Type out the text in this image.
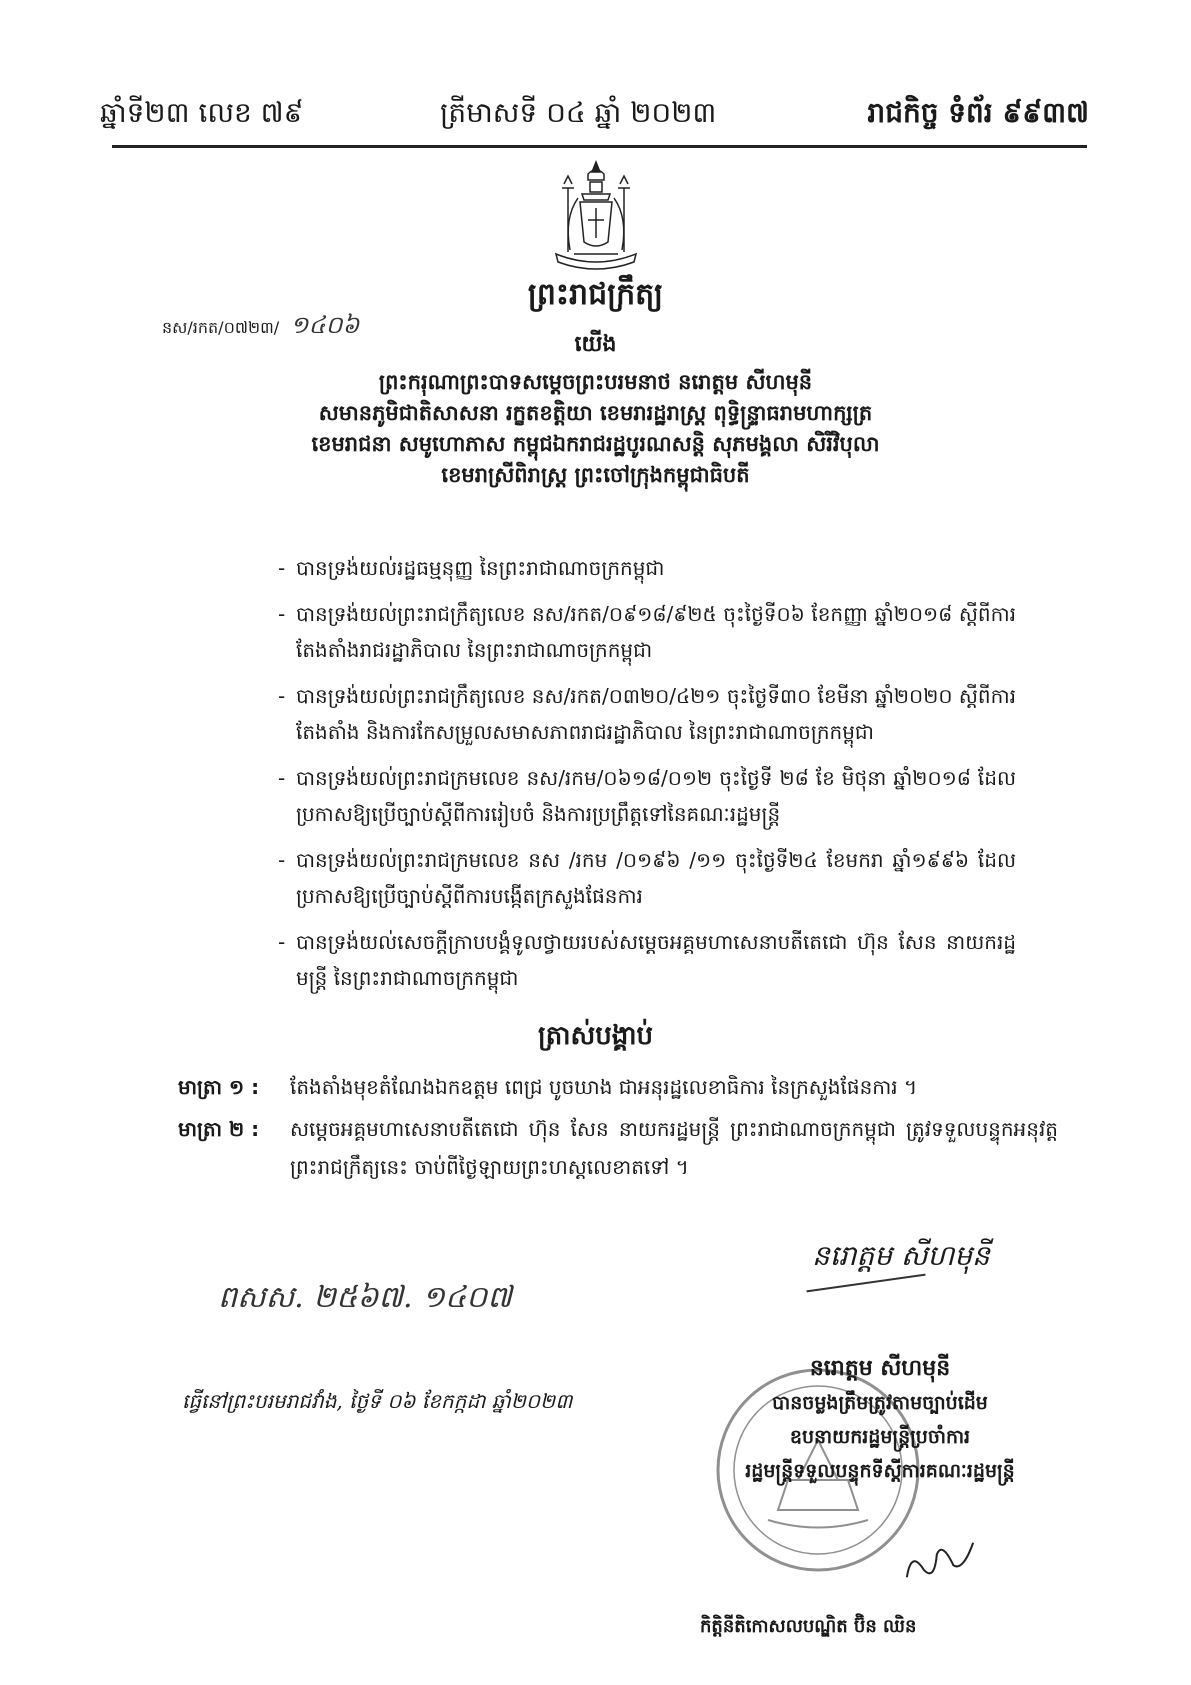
ឆ្នាំទី២៣ លេខ ៧៩	ត្រីមាសទី ០៤ ឆ្នាំ ២០២៣	រាជកិច្ច ទំព័រ ៩៩៣៧
នស/រកត/០៧២៣/ ១៤០៦
ព្រះរាជក្រឹត្យ
យើង
ព្រះករុណាព្រះបាទសម្តេចព្រះបរមនាថ នរោត្តម សីហមុនី
សមានភូមិជាតិសាសនា រក្ខតខត្តិយា ខេមរារដ្ឋរាស្ត្រ ពុទ្ធិន្ទ្រាធរាមហាក្សត្រ
ខេមរាជនា សមូហោភាស កម្ពុជឯករាជរដ្ឋបូរណសន្តិ សុភមង្គលា សិរីវិបុលា
ខេមរាស្រីពិរាស្ត្រ ព្រះចៅក្រុងកម្ពុជាធិបតី
- បានទ្រង់យល់រដ្ឋធម្មនុញ្ញ នៃព្រះរាជាណាចក្រកម្ពុជា
- បានទ្រង់យល់ព្រះរាជក្រឹត្យលេខ នស/រកត/០៩១៨/៩២៥ ចុះថ្ងៃទី០៦ ខែកញ្ញា ឆ្នាំ២០១៨ ស្តីពីការតែងតាំងរាជរដ្ឋាភិបាល នៃព្រះរាជាណាចក្រកម្ពុជា
- បានទ្រង់យល់ព្រះរាជក្រឹត្យលេខ នស/រកត/០៣២០/៤២១ ចុះថ្ងៃទី៣០ ខែមីនា ឆ្នាំ២០២០ ស្តីពីការតែងតាំង និងការកែសម្រួលសមាសភាពរាជរដ្ឋាភិបាល នៃព្រះរាជាណាចក្រកម្ពុជា
- បានទ្រង់យល់ព្រះរាជក្រមលេខ នស/រកម/០៦១៨/០១២ ចុះថ្ងៃទី ២៨ ខែ មិថុនា ឆ្នាំ២០១៨ ដែលប្រកាសឱ្យប្រើច្បាប់ស្តីពីការរៀបចំ និងការប្រព្រឹត្តទៅនៃគណៈរដ្ឋមន្ត្រី
- បានទ្រង់យល់ព្រះរាជក្រមលេខ នស /រកម /០១៩៦ /១១ ចុះថ្ងៃទី២៤ ខែមករា ឆ្នាំ១៩៩៦ ដែលប្រកាសឱ្យប្រើច្បាប់ស្តីពីការបង្កើតក្រសួងផែនការ
- បានទ្រង់យល់សេចក្តីក្រាបបង្គំទូលថ្វាយរបស់សម្តេចអគ្គមហាសេនាបតីតេជោ ហ៊ុន សែន នាយករដ្ឋមន្ត្រី នៃព្រះរាជាណាចក្រកម្ពុជា
ត្រាស់បង្គាប់
មាត្រា ១ : តែងតាំងមុខតំណែងឯកឧត្តម ពេជ្រ បូចឃាង ជាអនុរដ្ឋលេខាធិការ នៃក្រសួងផែនការ ។
មាត្រា ២ : សម្តេចអគ្គមហាសេនាបតីតេជោ ហ៊ុន សែន នាយករដ្ឋមន្ត្រី ព្រះរាជាណាចក្រកម្ពុជា ត្រូវទទួលបន្ទុកអនុវត្តព្រះរាជក្រឹត្យនេះ ចាប់ពីថ្ងៃឡាយព្រះហស្តលេខាតទៅ ។
ពសស. ២៥៦៧. ១៤០៧
ធ្វើនៅព្រះបរមរាជវាំង, ថ្ងៃទី ០៦ ខែកក្កដា ឆ្នាំ២០២៣
នរោត្តម សីហមុនី
នរោត្តម សីហមុនី
បានចម្លងត្រឹមត្រូវតាមច្បាប់ដើម
ឧបនាយករដ្ឋមន្ត្រីប្រចាំការ
រដ្ឋមន្ត្រីទទួលបន្ទុកទីស្តីការគណៈរដ្ឋមន្ត្រី
កិត្តិនីតិកោសលបណ្ឌិត ប៊ិន ឈិន
